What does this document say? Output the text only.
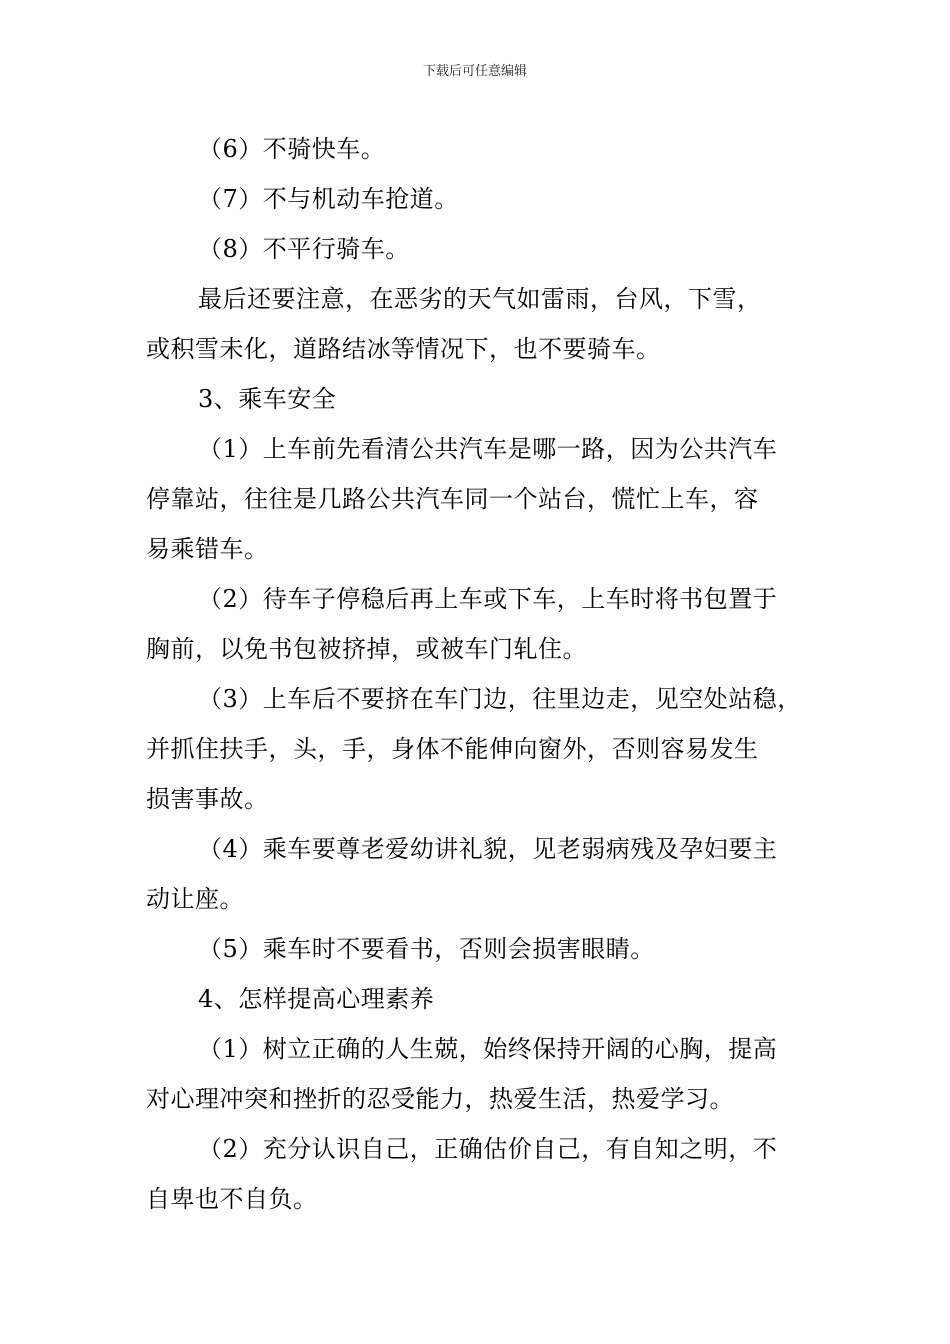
下载后可任意编辑

（6）不骑快车。

（7）不与机动车抢道。

（8）不平行骑车。

最后还要注意，在恶劣的天气如雷雨，台风，下雪，
或积雪未化，道路结冰等情况下，也不要骑车。

3、乘车安全

（1）上车前先看清公共汽车是哪一路，因为公共汽车
停靠站，往往是几路公共汽车同一个站台，慌忙上车，容
易乘错车。

（2）待车子停稳后再上车或下车，上车时将书包置于
胸前，以免书包被挤掉，或被车门轧住。

（3）上车后不要挤在车门边，往里边走，见空处站稳，
并抓住扶手，头，手，身体不能伸向窗外，否则容易发生
损害事故。

（4）乘车要尊老爱幼讲礼貌，见老弱病残及孕妇要主
动让座。

（5）乘车时不要看书，否则会损害眼睛。

4、怎样提高心理素养

（1）树立正确的人生兢，始终保持开阔的心胸，提高
对心理冲突和挫折的忍受能力，热爱生活，热爱学习。

（2）充分认识自己，正确估价自己，有自知之明，不
自卑也不自负。
